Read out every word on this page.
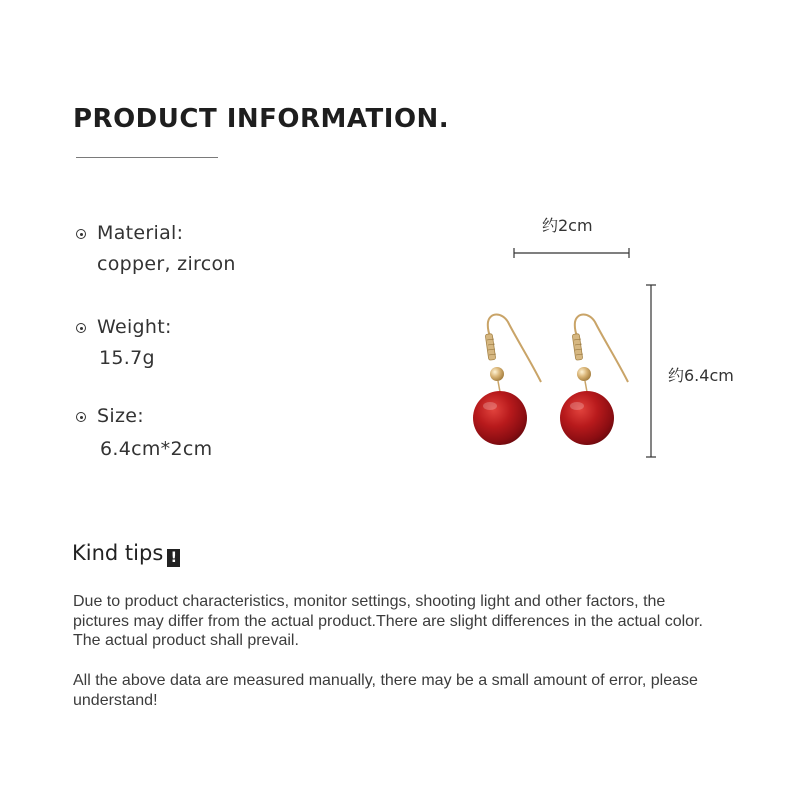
PRODUCT INFORMATION.
Material:
copper, zircon
Weight:
15.7g
Size:
6.4cm*2cm
约2cm
约6.4cm
Kind tips !

Due to product characteristics, monitor settings, shooting light and other factors, the pictures may differ from the actual product.There are slight differences in the actual color. The actual product shall prevail.

All the above data are measured manually, there may be a small amount of error, please understand!
